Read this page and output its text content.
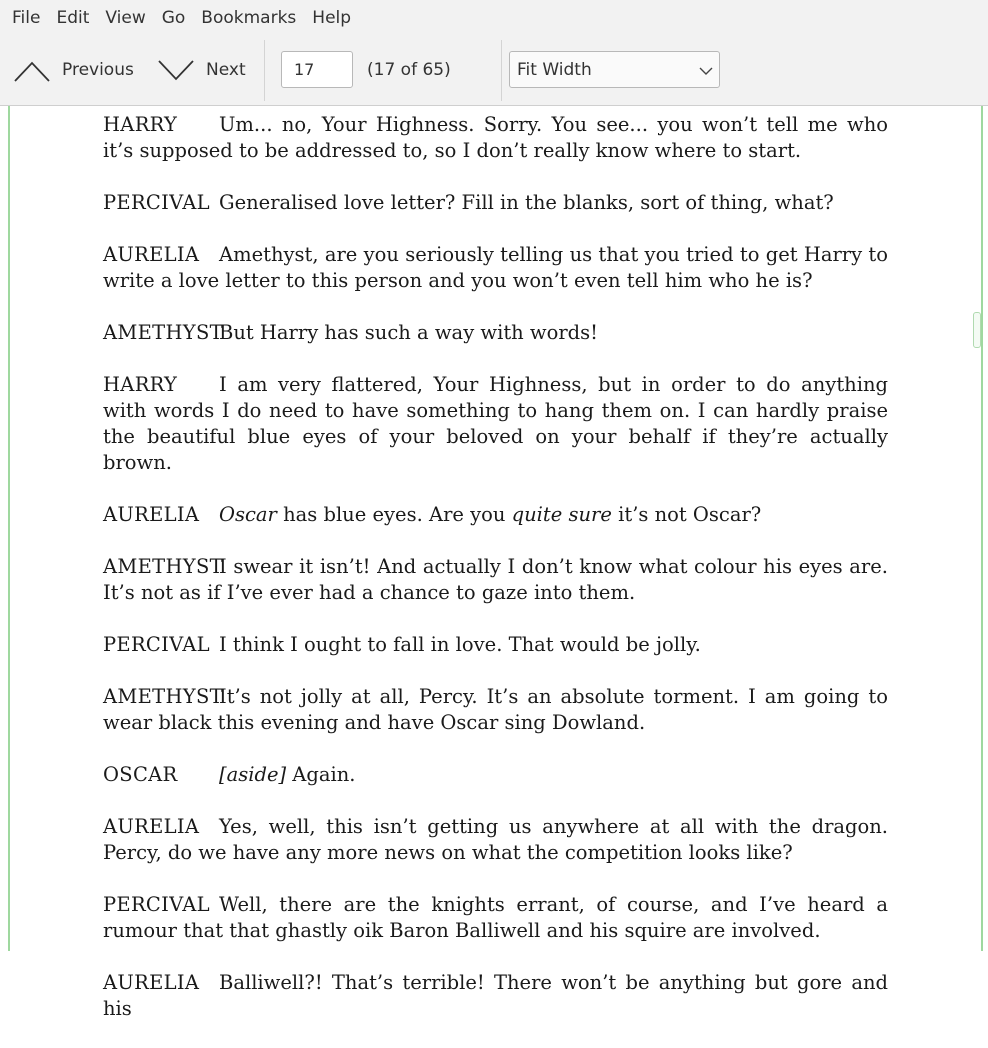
File Edit View Go Bookmarks Help
Previous	Next
17	(17 of 65)	Fit Width

HARRY Um... no, Your Highness. Sorry. You see... you won’t tell me who it’s supposed to be addressed to, so I don’t really know where to start.

PERCIVAL Generalised love letter? Fill in the blanks, sort of thing, what?

AURELIA Amethyst, are you seriously telling us that you tried to get Harry to write a love letter to this person and you won’t even tell him who he is?

AMETHYSTBut Harry has such a way with words!

HARRY I am very flattered, Your Highness, but in order to do anything with words I do need to have something to hang them on. I can hardly praise the beautiful blue eyes of your beloved on your behalf if they’re actually brown.

AURELIA Oscar has blue eyes. Are you quite sure it’s not Oscar?

AMETHYSTI swear it isn’t! And actually I don’t know what colour his eyes are. It’s not as if I’ve ever had a chance to gaze into them.

PERCIVAL I think I ought to fall in love. That would be jolly.

AMETHYSTIt’s not jolly at all, Percy. It’s an absolute torment. I am going to wear black this evening and have Oscar sing Dowland.

OSCAR [aside] Again.

AURELIA Yes, well, this isn’t getting us anywhere at all with the dragon. Percy, do we have any more news on what the competition looks like?

PERCIVAL Well, there are the knights errant, of course, and I’ve heard a rumour that that ghastly oik Baron Balliwell and his squire are involved.

AURELIA Balliwell?! That’s terrible! There won’t be anything but gore and his
